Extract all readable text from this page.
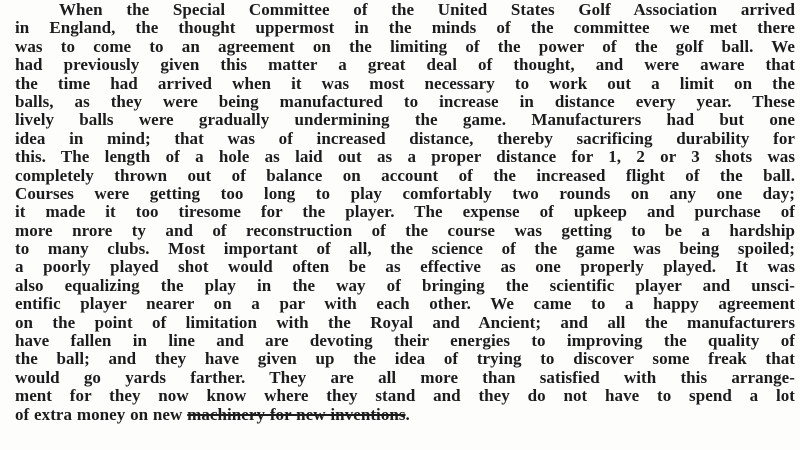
When the Special Committee of the United States Golf Association arrived
in England, the thought uppermost in the minds of the committee we met there
was to come to an agreement on the limiting of the power of the golf ball. We
had previously given this matter a great deal of thought, and were aware that
the time had arrived when it was most necessary to work out a limit on the
balls, as they were being manufactured to increase in distance every year. These
lively balls were gradually undermining the game. Manufacturers had but one
idea in mind; that was of increased distance, thereby sacrificing durability for
this. The length of a hole as laid out as a proper distance for 1, 2 or 3 shots was
completely thrown out of balance on account of the increased flight of the ball.
Courses were getting too long to play comfortably two rounds on any one day;
it made it too tiresome for the player. The expense of upkeep and purchase of
more nrore ty and of reconstruction of the course was getting to be a hardship
to many clubs. Most important of all, the science of the game was being spoiled;
a poorly played shot would often be as effective as one properly played. It was
also equalizing the play in the way of bringing the scientific player and unsci-
entific player nearer on a par with each other. We came to a happy agreement
on the point of limitation with the Royal and Ancient; and all the manufacturers
have fallen in line and are devoting their energies to improving the quality of
the ball; and they have given up the idea of trying to discover some freak that
would go yards farther. They are all more than satisfied with this arrange-
ment for they now know where they stand and they do not have to spend a lot
of extra money on new machinery for new inventions.
